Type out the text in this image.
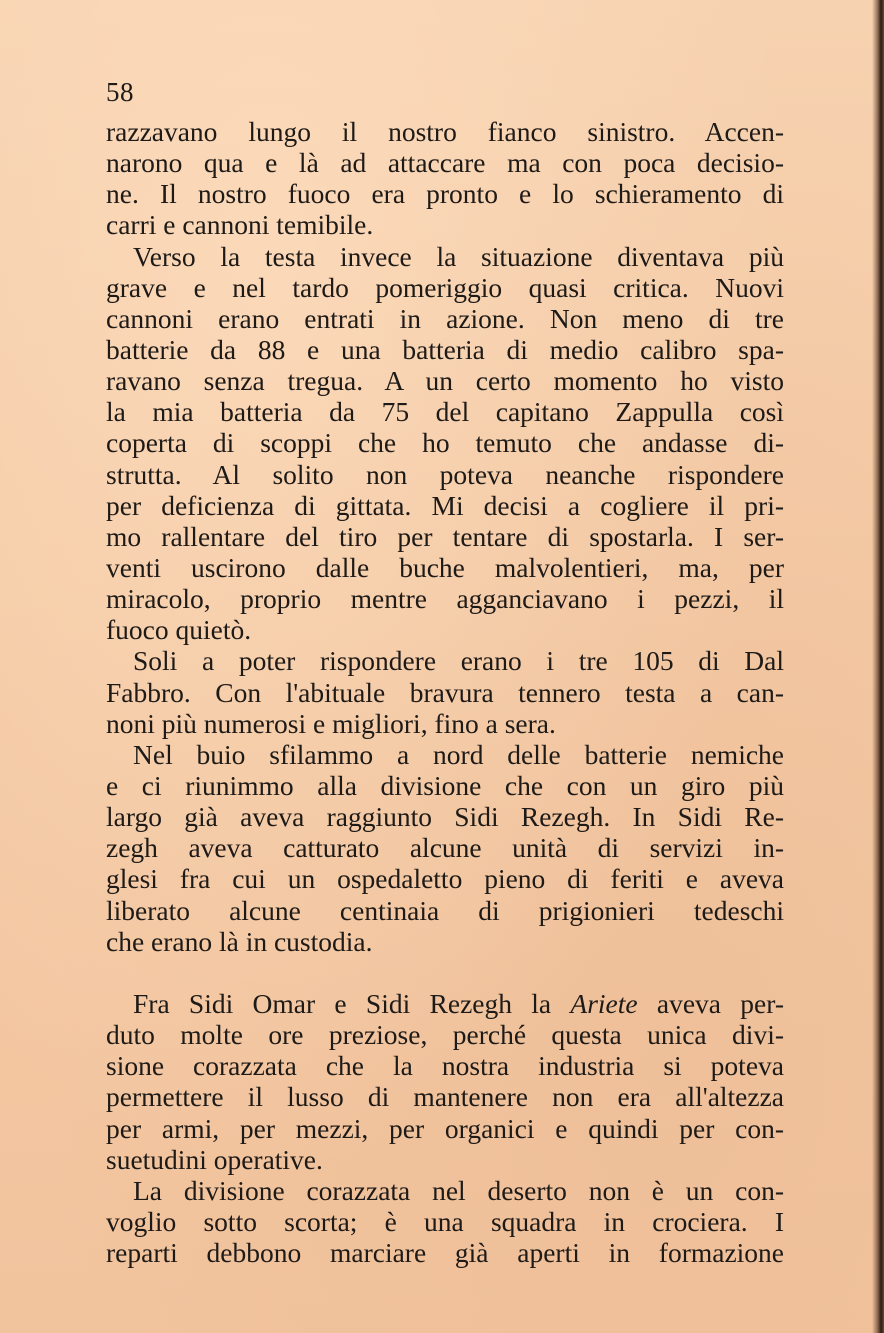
58
razzavano lungo il nostro fianco sinistro. Accen-
narono qua e là ad attaccare ma con poca decisio-
ne. Il nostro fuoco era pronto e lo schieramento di
carri e cannoni temibile.
Verso la testa invece la situazione diventava più
grave e nel tardo pomeriggio quasi critica. Nuovi
cannoni erano entrati in azione. Non meno di tre
batterie da 88 e una batteria di medio calibro spa-
ravano senza tregua. A un certo momento ho visto
la mia batteria da 75 del capitano Zappulla così
coperta di scoppi che ho temuto che andasse di-
strutta. Al solito non poteva neanche rispondere
per deficienza di gittata. Mi decisi a cogliere il pri-
mo rallentare del tiro per tentare di spostarla. I ser-
venti uscirono dalle buche malvolentieri, ma, per
miracolo, proprio mentre agganciavano i pezzi, il
fuoco quietò.
Soli a poter rispondere erano i tre 105 di Dal
Fabbro. Con l'abituale bravura tennero testa a can-
noni più numerosi e migliori, fino a sera.
Nel buio sfilammo a nord delle batterie nemiche
e ci riunimmo alla divisione che con un giro più
largo già aveva raggiunto Sidi Rezegh. In Sidi Re-
zegh aveva catturato alcune unità di servizi in-
glesi fra cui un ospedaletto pieno di feriti e aveva
liberato alcune centinaia di prigionieri tedeschi
che erano là in custodia.
Fra Sidi Omar e Sidi Rezegh la Ariete aveva per-
duto molte ore preziose, perché questa unica divi-
sione corazzata che la nostra industria si poteva
permettere il lusso di mantenere non era all'altezza
per armi, per mezzi, per organici e quindi per con-
suetudini operative.
La divisione corazzata nel deserto non è un con-
voglio sotto scorta; è una squadra in crociera. I
reparti debbono marciare già aperti in formazione
